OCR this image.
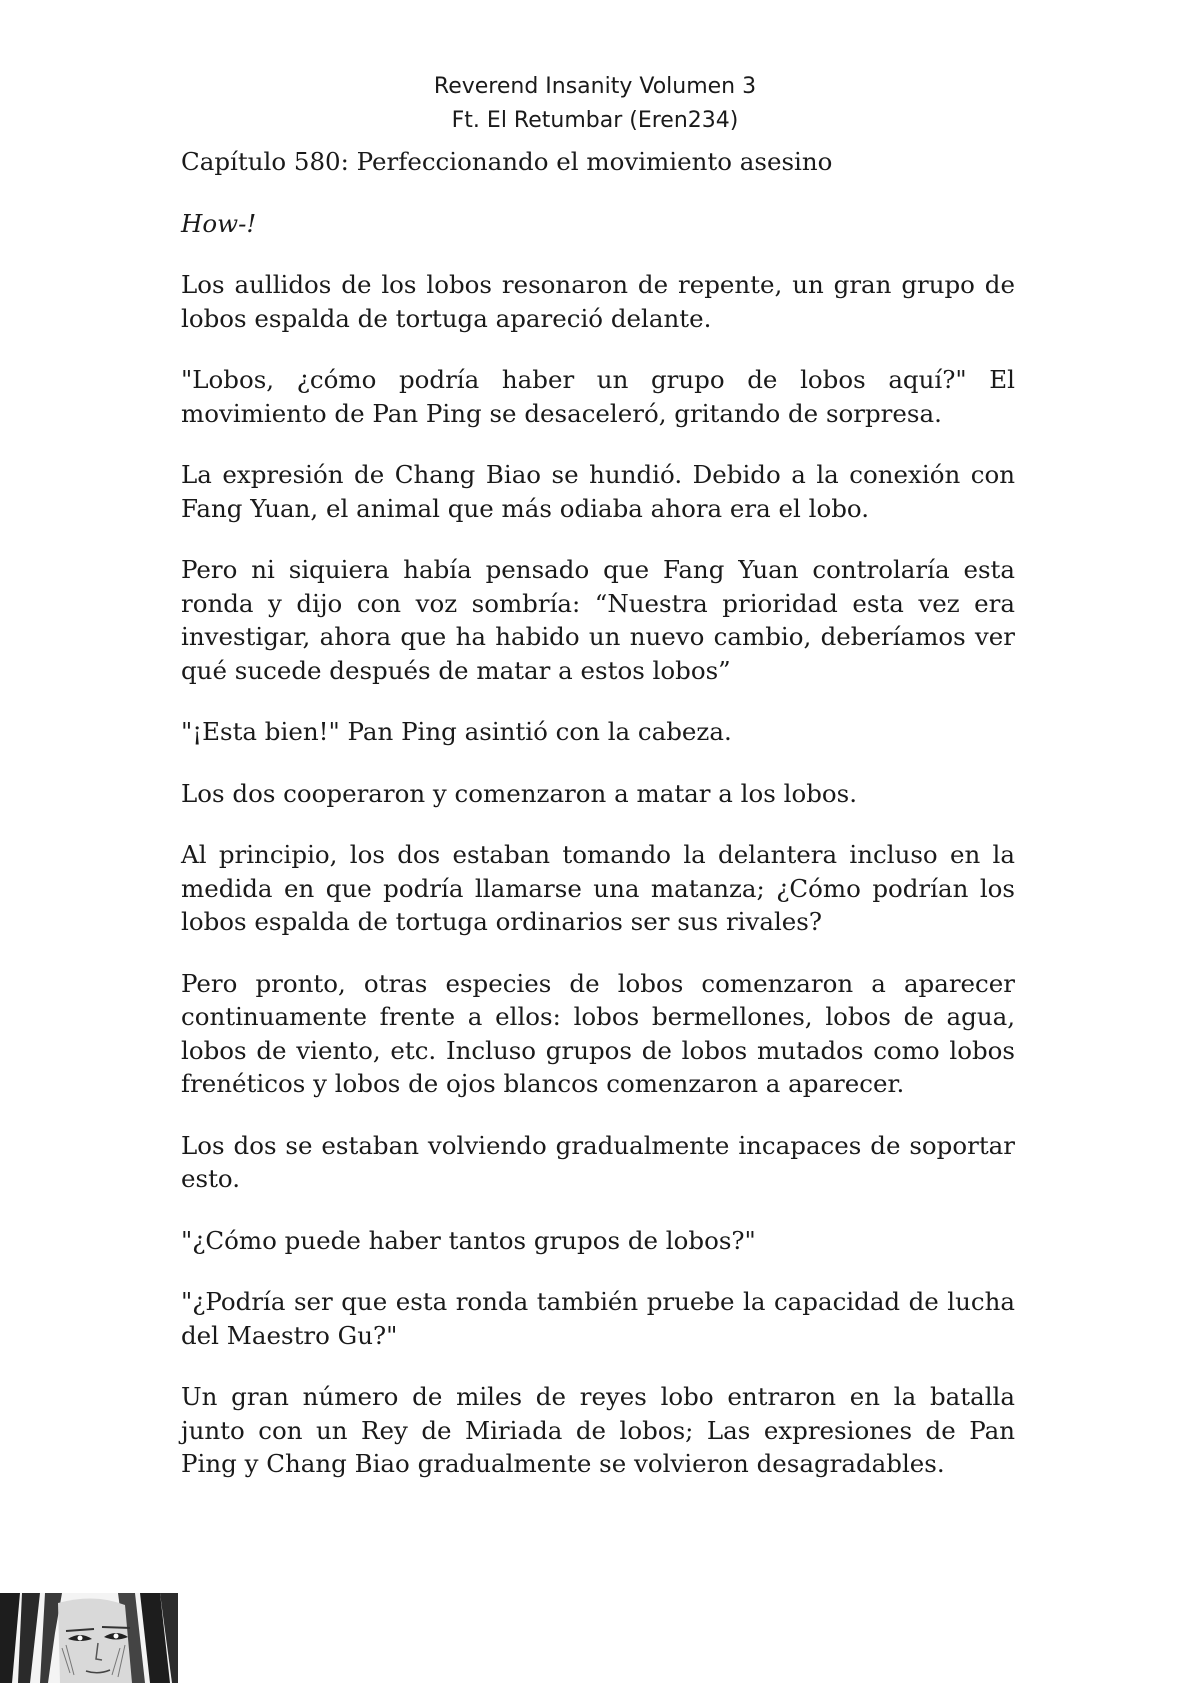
Reverend Insanity Volumen 3
Ft. El Retumbar (Eren234)
Capítulo 580: Perfeccionando el movimiento asesino

How-!

Los aullidos de los lobos resonaron de repente, un gran grupo de lobos espalda de tortuga apareció delante.

"Lobos, ¿cómo podría haber un grupo de lobos aquí?" El movimiento de Pan Ping se desaceleró, gritando de sorpresa.

La expresión de Chang Biao se hundió. Debido a la conexión con Fang Yuan, el animal que más odiaba ahora era el lobo.

Pero ni siquiera había pensado que Fang Yuan controlaría esta ronda y dijo con voz sombría: “Nuestra prioridad esta vez era investigar, ahora que ha habido un nuevo cambio, deberíamos ver qué sucede después de matar a estos lobos”

"¡Esta bien!" Pan Ping asintió con la cabeza.

Los dos cooperaron y comenzaron a matar a los lobos.

Al principio, los dos estaban tomando la delantera incluso en la medida en que podría llamarse una matanza; ¿Cómo podrían los lobos espalda de tortuga ordinarios ser sus rivales?

Pero pronto, otras especies de lobos comenzaron a aparecer continuamente frente a ellos: lobos bermellones, lobos de agua, lobos de viento, etc. Incluso grupos de lobos mutados como lobos frenéticos y lobos de ojos blancos comenzaron a aparecer.

Los dos se estaban volviendo gradualmente incapaces de soportar esto.

"¿Cómo puede haber tantos grupos de lobos?"

"¿Podría ser que esta ronda también pruebe la capacidad de lucha del Maestro Gu?"

Un gran número de miles de reyes lobo entraron en la batalla junto con un Rey de Miriada de lobos; Las expresiones de Pan Ping y Chang Biao gradualmente se volvieron desagradables.
